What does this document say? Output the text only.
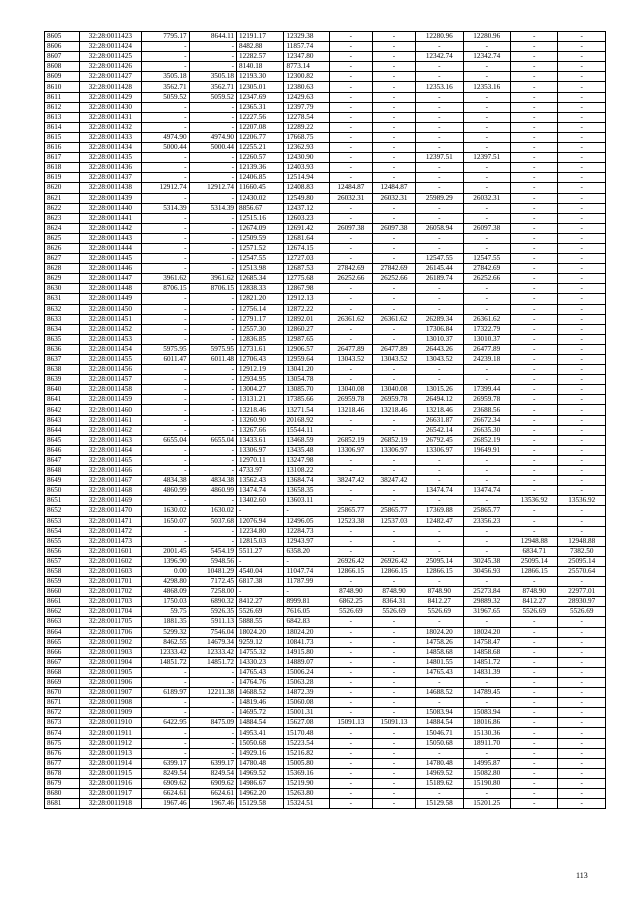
8605	32:28:0011423	7795.17	8644.11	12191.17	12329.38	-	-	12280.96	12280.96	-	-
8606	32:28:0011424	-	-	8482.88	11857.74	-	-	-	-	-	-
8607	32:28:0011425	-	-	12282.57	12347.80	-	-	12342.74	12342.74	-	-
8608	32:28:0011426	-	-	8140.18	8773.14	-	-	-	-	-	-
8609	32:28:0011427	3505.18	3505.18	12193.30	12300.82	-	-	-	-	-	-
8610	32:28:0011428	3562.71	3562.71	12305.01	12380.63	-	-	12353.16	12353.16	-	-
8611	32:28:0011429	5059.52	5059.52	12347.69	12429.63	-	-	-	-	-	-
8612	32:28:0011430	-	-	12365.31	12397.79	-	-	-	-	-	-
8613	32:28:0011431	-	-	12227.56	12278.54	-	-	-	-	-	-
8614	32:28:0011432	-	-	12207.08	12289.22	-	-	-	-	-	-
8615	32:28:0011433	4974.90	4974.90	12206.77	17668.75	-	-	-	-	-	-
8616	32:28:0011434	5000.44	5000.44	12255.21	12362.93	-	-	-	-	-	-
8617	32:28:0011435	-	-	12260.57	12430.90	-	-	12397.51	12397.51	-	-
8618	32:28:0011436	-	-	12139.36	12403.93	-	-	-	-	-	-
8619	32:28:0011437	-	-	12406.85	12514.94	-	-	-	-	-	-
8620	32:28:0011438	12912.74	12912.74	11660.45	12408.83	12484.87	12484.87	-	-	-	-
8621	32:28:0011439	-	-	12430.02	12549.80	26032.31	26032.31	25989.29	26032.31	-	-
8622	32:28:0011440	5314.39	5314.39	8856.67	12437.12	-	-	-	-	-	-
8623	32:28:0011441	-	-	12515.16	12603.23	-	-	-	-	-	-
8624	32:28:0011442	-	-	12674.09	12691.42	26097.38	26097.38	26058.94	26097.38	-	-
8625	32:28:0011443	-	-	12509.59	12681.64	-	-	-	-	-	-
8626	32:28:0011444	-	-	12571.52	12674.15	-	-	-	-	-	-
8627	32:28:0011445	-	-	12547.55	12727.03	-	-	12547.55	12547.55	-	-
8628	32:28:0011446	-	-	12513.98	12687.53	27842.69	27842.69	26145.44	27842.69	-	-
8629	32:28:0011447	3961.62	3961.62	12685.34	12775.68	26252.66	26252.66	26189.74	26252.66	-	-
8630	32:28:0011448	8706.15	8706.15	12838.33	12867.98	-	-	-	-	-	-
8631	32:28:0011449	-	-	12821.20	12912.13	-	-	-	-	-	-
8632	32:28:0011450	-	-	12756.14	12872.22	-	-	-	-	-	-
8633	32:28:0011451	-	-	12791.17	12892.01	26361.62	26361.62	26289.34	26361.62	-	-
8634	32:28:0011452	-	-	12557.30	12860.27	-	-	17306.84	17322.79	-	-
8635	32:28:0011453	-	-	12836.85	12987.65	-	-	13010.37	13010.37	-	-
8636	32:28:0011454	5975.95	5975.95	12731.61	12906.57	26477.89	26477.89	26443.26	26477.89	-	-
8637	32:28:0011455	6011.47	6011.48	12706.43	12959.64	13043.52	13043.52	13043.52	24239.18	-	-
8638	32:28:0011456	-	-	12912.19	13041.20	-	-	-	-	-	-
8639	32:28:0011457	-	-	12934.95	13054.78	-	-	-	-	-	-
8640	32:28:0011458	-	-	13004.27	13085.70	13040.08	13040.08	13015.26	17399.44	-	-
8641	32:28:0011459	-	-	13131.21	17385.66	26959.78	26959.78	26494.12	26959.78	-	-
8642	32:28:0011460	-	-	13218.46	13271.54	13218.46	13218.46	13218.46	23688.56	-	-
8643	32:28:0011461	-	-	13260.90	20168.92	-	-	26631.87	26672.34	-	-
8644	32:28:0011462	-	-	13267.66	15544.11	-	-	26542.14	26635.30	-	-
8645	32:28:0011463	6655.04	6655.04	13433.61	13468.59	26852.19	26852.19	26792.45	26852.19	-	-
8646	32:28:0011464	-	-	13306.97	13435.48	13306.97	13306.97	13306.97	19649.91	-	-
8647	32:28:0011465	-	-	12970.11	13247.98	-	-	-	-	-	-
8648	32:28:0011466	-	-	4733.97	13108.22	-	-	-	-	-	-
8649	32:28:0011467	4834.38	4834.38	13562.43	13684.74	38247.42	38247.42	-	-	-	-
8650	32:28:0011468	4860.99	4860.99	13474.74	13658.35	-	-	13474.74	13474.74	-	-
8651	32:28:0011469	-	-	13402.60	13603.11	-	-	-	-	13536.92	13536.92
8652	32:28:0011470	1630.02	1630.02	-	-	25865.77	25865.77	17369.88	25865.77	-	-
8653	32:28:0011471	1650.07	5037.68	12076.94	12496.05	12523.38	12537.03	12482.47	23356.23	-	-
8654	32:28:0011472	-	-	12234.80	12284.73	-	-	-	-	-	-
8655	32:28:0011473	-	-	12815.03	12943.97	-	-	-	-	12948.88	12948.88
8656	32:28:0011601	2001.45	5454.19	5511.27	6358.20	-	-	-	-	6834.71	7382.50
8657	32:28:0011602	1396.90	5948.56	-	-	26926.42	26926.42	25095.14	30245.38	25095.14	25095.14
8658	32:28:0011603	0.00	10481.29	4540.04	11047.74	12866.15	12866.15	12866.15	30456.93	12866.15	25570.64
8659	32:28:0011701	4298.80	7172.45	6817.38	11787.99	-	-	-	-	-	-
8660	32:28:0011702	4868.09	7258.00	-	-	8748.90	8748.90	8748.90	25273.84	8748.90	22977.01
8661	32:28:0011703	1750.03	6890.32	8412.27	8999.81	6862.25	8364.31	8412.27	29889.32	8412.27	28930.97
8662	32:28:0011704	59.75	5926.35	5526.69	7616.05	5526.69	5526.69	5526.69	31967.65	5526.69	5526.69
8663	32:28:0011705	1881.35	5911.13	5888.55	6842.83	-	-	-	-	-	-
8664	32:28:0011706	5299.32	7546.04	18024.20	18024.20	-	-	18024.20	18024.20	-	-
8665	32:28:0011902	8462.55	14679.34	9259.12	10841.73	-	-	14758.26	14758.47	-	-
8666	32:28:0011903	12333.42	12333.42	14755.32	14915.80	-	-	14858.68	14858.68	-	-
8667	32:28:0011904	14851.72	14851.72	14330.23	14889.07	-	-	14801.55	14851.72	-	-
8668	32:28:0011905	-	-	14765.43	15006.24	-	-	14765.43	14831.39	-	-
8669	32:28:0011906	-	-	14764.76	15063.28	-	-	-	-	-	-
8670	32:28:0011907	6189.97	12211.38	14688.52	14872.39	-	-	14688.52	14789.45	-	-
8671	32:28:0011908	-	-	14819.46	15060.08	-	-	-	-	-	-
8672	32:28:0011909	-	-	14695.72	15001.31	-	-	15083.94	15083.94	-	-
8673	32:28:0011910	6422.95	8475.09	14884.54	15627.08	15091.13	15091.13	14884.54	18016.86	-	-
8674	32:28:0011911	-	-	14953.41	15170.48	-	-	15046.71	15130.36	-	-
8675	32:28:0011912	-	-	15050.68	15223.54	-	-	15050.68	18911.70	-	-
8676	32:28:0011913	-	-	14929.16	15216.82	-	-	-	-	-	-
8677	32:28:0011914	6399.17	6399.17	14780.48	15005.80	-	-	14780.48	14995.87	-	-
8678	32:28:0011915	8249.54	8249.54	14969.52	15369.16	-	-	14969.52	15082.80	-	-
8679	32:28:0011916	6909.62	6909.62	14986.67	15219.90	-	-	15189.62	15190.80	-	-
8680	32:28:0011917	6624.61	6624.61	14962.20	15263.80	-	-	-	-	-	-
8681	32:28:0011918	1967.46	1967.46	15129.58	15324.51	-	-	15129.58	15201.25	-	-
113
